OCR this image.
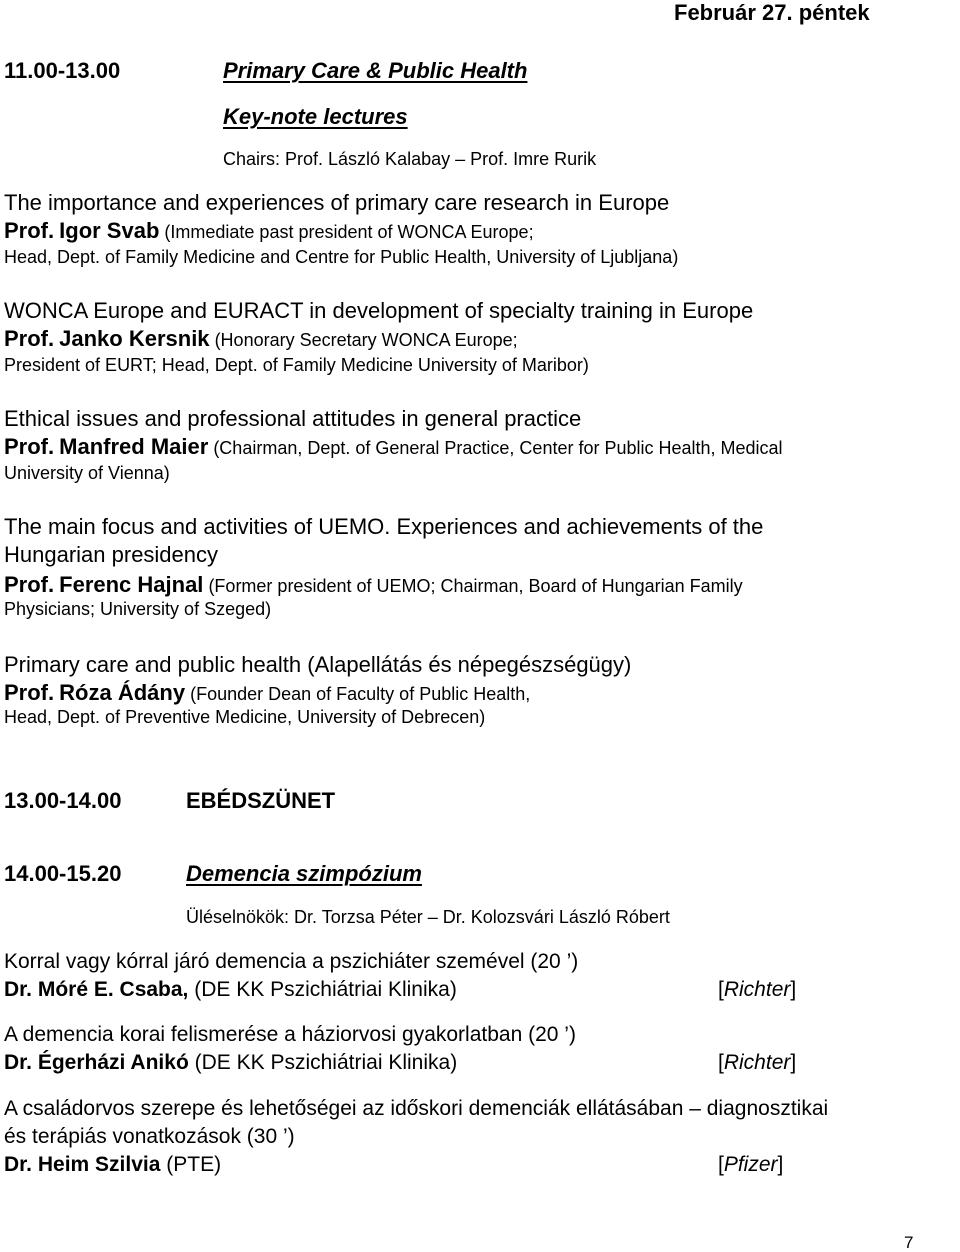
Február 27. péntek
11.00-13.00	Primary Care & Public Health
Key-note lectures
Chairs: Prof. László Kalabay – Prof. Imre Rurik
The importance and experiences of primary care research in Europe
Prof. Igor Svab (Immediate past president of WONCA Europe;
Head, Dept. of Family Medicine and Centre for Public Health, University of Ljubljana)
WONCA Europe and EURACT in development of specialty training in Europe
Prof. Janko Kersnik (Honorary Secretary WONCA Europe;
President of EURT; Head, Dept. of Family Medicine University of Maribor)
Ethical issues and professional attitudes in general practice
Prof. Manfred Maier (Chairman, Dept. of General Practice, Center for Public Health, Medical
University of Vienna)
The main focus and activities of UEMO. Experiences and achievements of the
Hungarian presidency
Prof. Ferenc Hajnal (Former president of UEMO; Chairman, Board of Hungarian Family
Physicians; University of Szeged)
Primary care and public health (Alapellátás és népegészségügy)
Prof. Róza Ádány (Founder Dean of Faculty of Public Health,
Head, Dept. of Preventive Medicine, University of Debrecen)
13.00-14.00	EBÉDSZÜNET
14.00-15.20	Demencia szimpózium
Üléselnökök: Dr. Torzsa Péter – Dr. Kolozsvári László Róbert
Korral vagy kórral járó demencia a pszichiáter szemével (20 ’)
Dr. Móré E. Csaba, (DE KK Pszichiátriai Klinika)	[Richter]
A demencia korai felismerése a háziorvosi gyakorlatban (20 ’)
Dr. Égerházi Anikó (DE KK Pszichiátriai Klinika)	[Richter]
A családorvos szerepe és lehetőségei az időskori demenciák ellátásában – diagnosztikai
és terápiás vonatkozások (30 ’)
Dr. Heim Szilvia (PTE)	[Pfizer]
7
